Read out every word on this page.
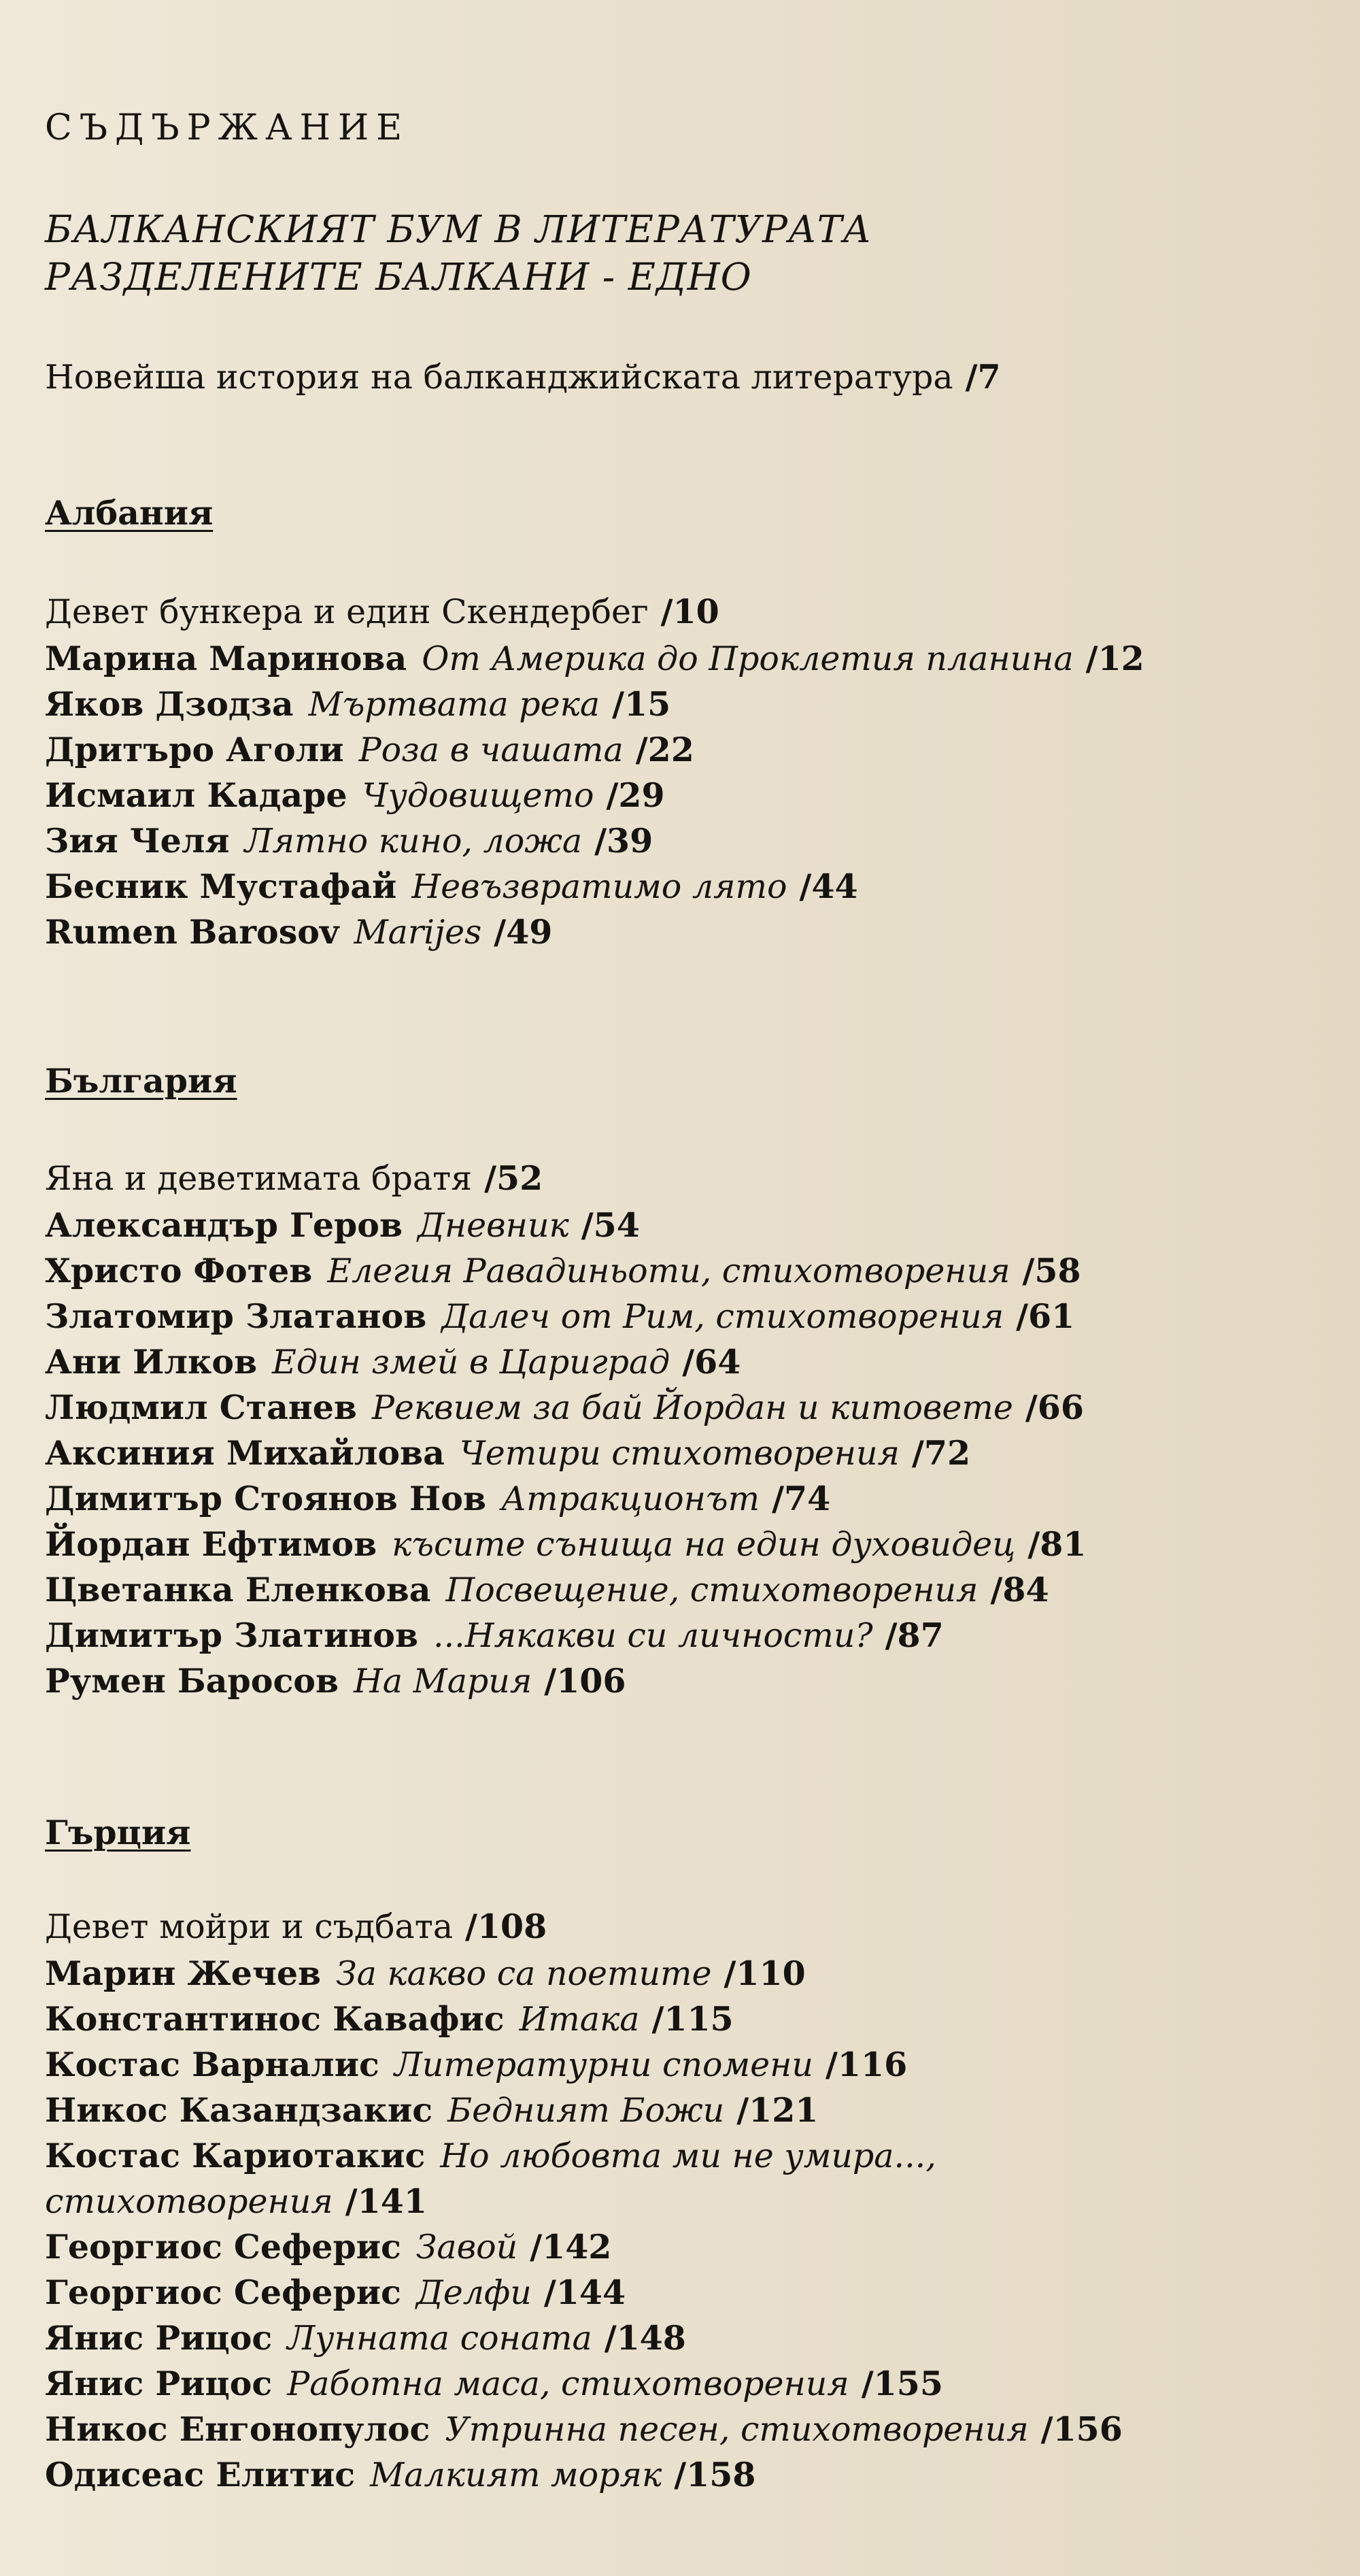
СЪДЪРЖАНИЕ
БАЛКАНСКИЯТ БУМ В ЛИТЕРАТУРАТА
РАЗДЕЛЕНИТЕ БАЛКАНИ - ЕДНО
Новейша история на балканджийската литература /7
Албания
Девет бункера и един Скендербег /10
Марина Маринова От Америка до Проклетия планина /12
Яков Дзодза Мъртвата река /15
Дритъро Аголи Роза в чашата /22
Исмаил Кадаре Чудовището /29
Зия Челя Лятно кино, ложа /39
Бесник Мустафай Невъзвратимо лято /44
Rumen Barosov Marijes /49
България
Яна и деветимата братя /52
Александър Геров Дневник /54
Христо Фотев Елегия Равадиньоти, стихотворения /58
Златомир Златанов Далеч от Рим, стихотворения /61
Ани Илков Един змей в Цариград /64
Людмил Станев Реквием за бай Йордан и китовете /66
Аксиния Михайлова Четири стихотворения /72
Димитър Стоянов Нов Атракционът /74
Йордан Ефтимов късите сънища на един духовидец /81
Цветанка Еленкова Посвещение, стихотворения /84
Димитър Златинов ...Някакви си личности? /87
Румен Баросов На Мария /106
Гърция
Девет мойри и съдбата /108
Марин Жечев За какво са поетите /110
Константинос Кавафис Итака /115
Костас Варналис Литературни спомени /116
Никос Казандзакис Бедният Божи /121
Костас Кариотакис Но любовта ми не умира...,
стихотворения /141
Георгиос Сеферис Завой /142
Георгиос Сеферис Делфи /144
Янис Рицос Лунната соната /148
Янис Рицос Работна маса, стихотворения /155
Никос Енгонопулос Утринна песен, стихотворения /156
Одисеас Елитис Малкият моряк /158
